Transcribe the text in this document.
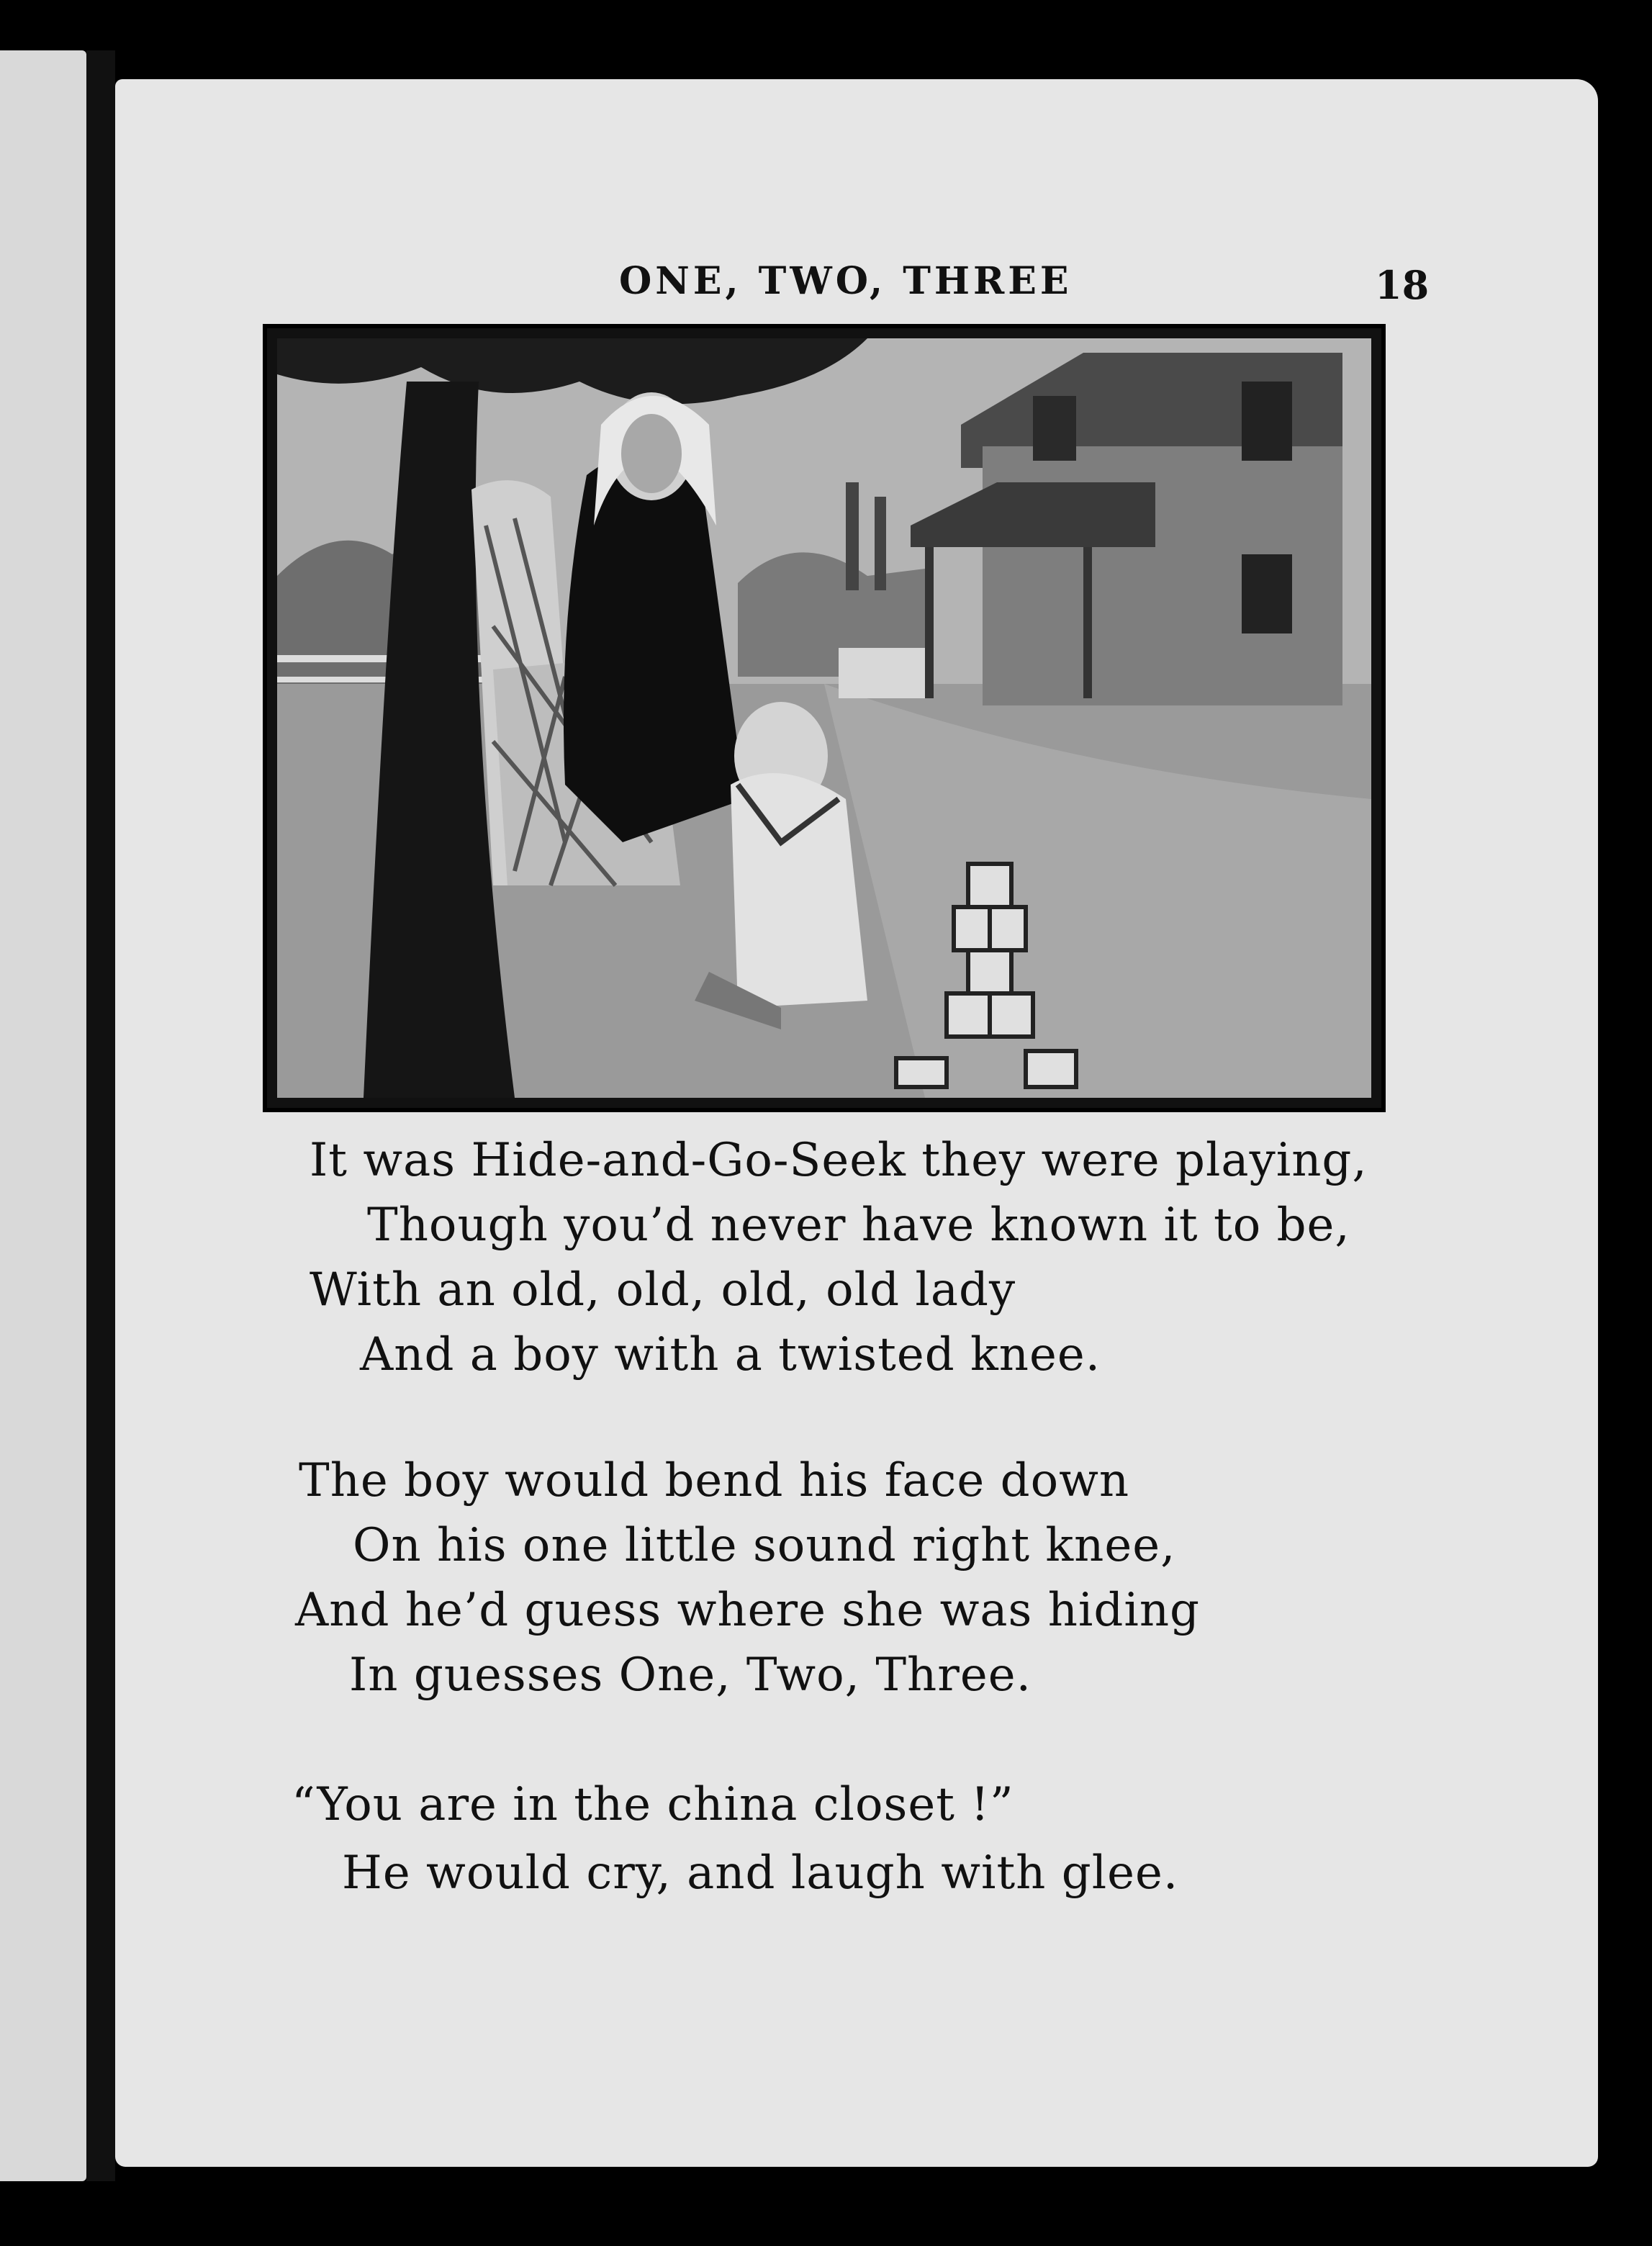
ONE, TWO, THREE	18
It was Hide-and-Go-Seek they were playing,
Though you’d never have known it to be,
With an old, old, old, old lady
And a boy with a twisted knee.
The boy would bend his face down
On his one little sound right knee,
And he’d guess where she was hiding
In guesses One, Two, Three.
“You are in the china closet !”
He would cry, and laugh with glee.
